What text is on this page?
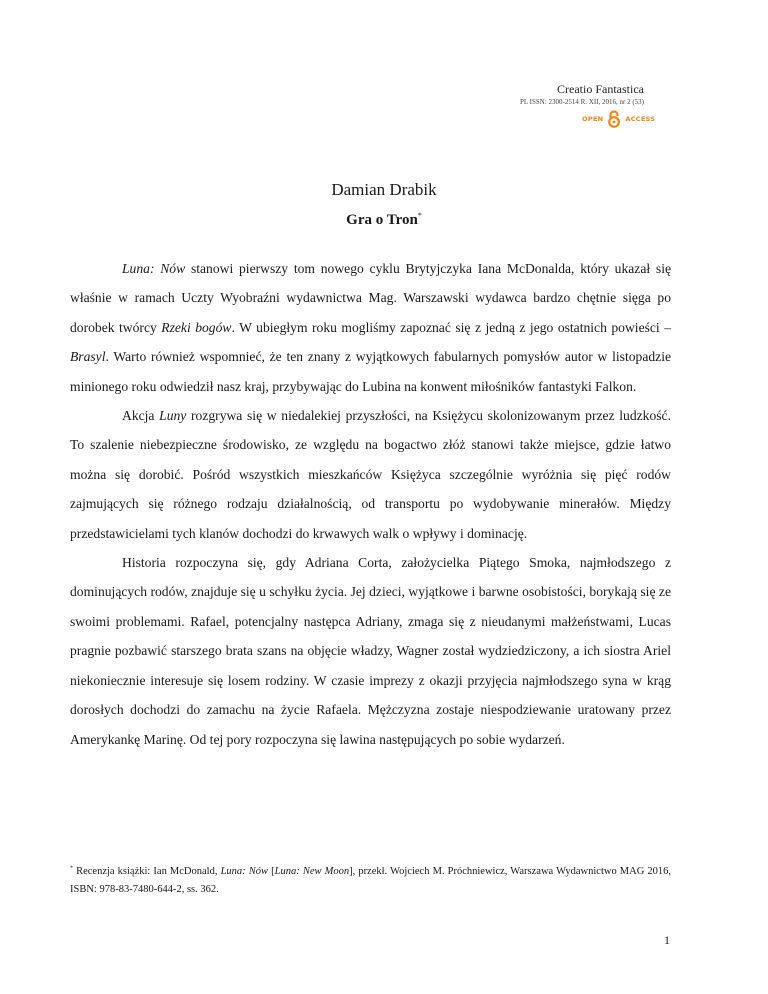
Creatio Fantastica
PL ISSN: 2300-2514 R. XII, 2016, nr 2 (53)
OPEN	ACCESS
Damian Drabik
Gra o Tron*

Luna: Nów stanowi pierwszy tom nowego cyklu Brytyjczyka Iana McDonalda, który ukazał się właśnie w ramach Uczty Wyobraźni wydawnictwa Mag. Warszawski wydawca bardzo chętnie sięga po dorobek twórcy Rzeki bogów. W ubiegłym roku mogliśmy zapoznać się z jedną z jego ostatnich powieści – Brasyl. Warto również wspomnieć, że ten znany z wyjątkowych fabularnych pomysłów autor w listopadzie minionego roku odwiedził nasz kraj, przybywając do Lubina na konwent miłośników fantastyki Falkon.

Akcja Luny rozgrywa się w niedalekiej przyszłości, na Księżycu skolonizowanym przez ludzkość. To szalenie niebezpieczne środowisko, ze względu na bogactwo złóż stanowi także miejsce, gdzie łatwo można się dorobić. Pośród wszystkich mieszkańców Księżyca szczególnie wyróżnia się pięć rodów zajmujących się różnego rodzaju działalnością, od transportu po wydobywanie minerałów. Między przedstawicielami tych klanów dochodzi do krwawych walk o wpływy i dominację.

Historia rozpoczyna się, gdy Adriana Corta, założycielka Piątego Smoka, najmłodszego z dominujących rodów, znajduje się u schyłku życia. Jej dzieci, wyjątkowe i barwne osobistości, borykają się ze swoimi problemami. Rafael, potencjalny następca Adriany, zmaga się z nieudanymi małżeństwami, Lucas pragnie pozbawić starszego brata szans na objęcie władzy, Wagner został wydziedziczony, a ich siostra Ariel niekoniecznie interesuje się losem rodziny. W czasie imprezy z okazji przyjęcia najmłodszego syna w krąg dorosłych dochodzi do zamachu na życie Rafaela. Mężczyzna zostaje niespodziewanie uratowany przez Amerykankę Marinę. Od tej pory rozpoczyna się lawina następujących po sobie wydarzeń.

* Recenzja książki: Ian McDonald, Luna: Nów [Luna: New Moon], przekł. Wojciech M. Próchniewicz, Warszawa Wydawnictwo MAG 2016, ISBN: 978-83-7480-644-2, ss. 362.
1
